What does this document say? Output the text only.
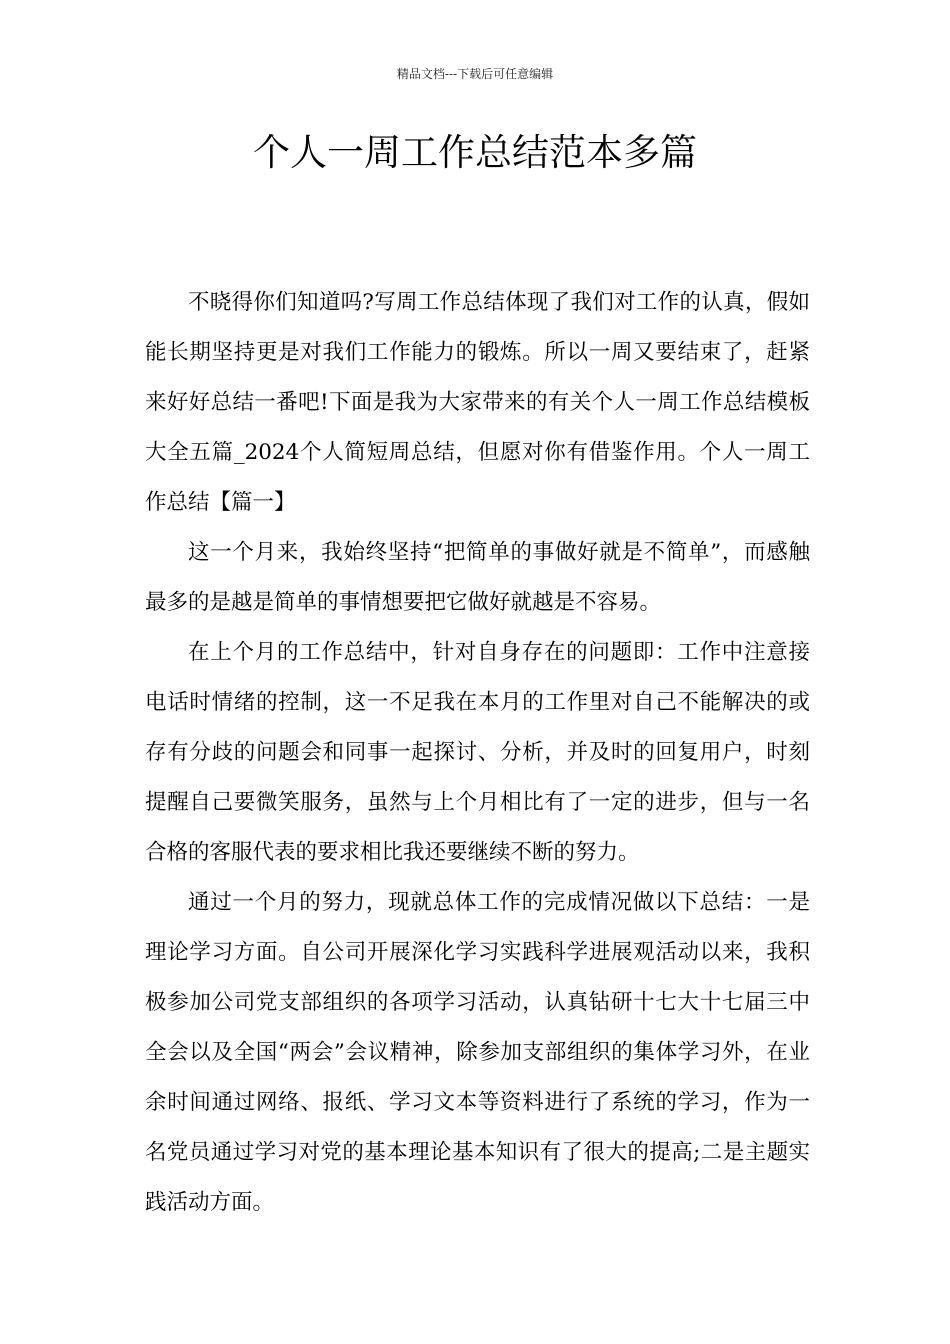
精品文档---下载后可任意编辑
个人一周工作总结范本多篇

不晓得你们知道吗?写周工作总结体现了我们对工作的认真，假如能长期坚持更是对我们工作能力的锻炼。所以一周又要结束了，赶紧来好好总结一番吧!下面是我为大家带来的有关个人一周工作总结模板大全五篇_2024个人简短周总结，但愿对你有借鉴作用。个人一周工作总结【篇一】

这一个月来，我始终坚持“把简单的事做好就是不简单”，而感触最多的是越是简单的事情想要把它做好就越是不容易。

在上个月的工作总结中，针对自身存在的问题即：工作中注意接电话时情绪的控制，这一不足我在本月的工作里对自己不能解决的或存有分歧的问题会和同事一起探讨、分析，并及时的回复用户，时刻提醒自己要微笑服务，虽然与上个月相比有了一定的进步，但与一名合格的客服代表的要求相比我还要继续不断的努力。

通过一个月的努力，现就总体工作的完成情况做以下总结：一是理论学习方面。自公司开展深化学习实践科学进展观活动以来，我积极参加公司党支部组织的各项学习活动，认真钻研十七大十七届三中全会以及全国“两会”会议精神，除参加支部组织的集体学习外，在业余时间通过网络、报纸、学习文本等资料进行了系统的学习，作为一名党员通过学习对党的基本理论基本知识有了很大的提高;二是主题实践活动方面。
